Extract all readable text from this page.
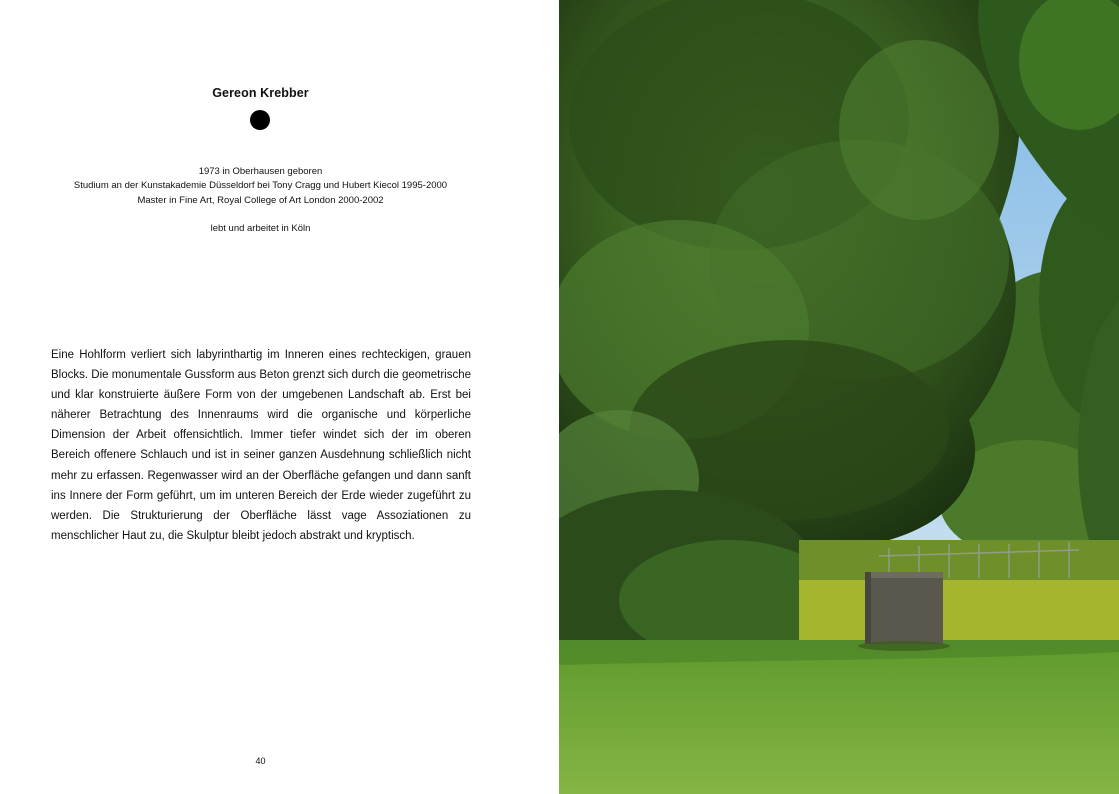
Gereon Krebber
1973 in Oberhausen geboren
Studium an der Kunstakademie Düsseldorf bei Tony Cragg und Hubert Kiecol 1995-2000
Master in Fine Art, Royal College of Art London 2000-2002
lebt und arbeitet in Köln

Eine Hohlform verliert sich labyrinthartig im Inneren eines rechteckigen, grauen Blocks. Die monumentale Gussform aus Beton grenzt sich durch die geometrische und klar konstruierte äußere Form von der umgebenen Landschaft ab. Erst bei näherer Betrachtung des Innenraums wird die organische und körperliche Dimension der Arbeit offensichtlich. Immer tiefer windet sich der im oberen Bereich offenere Schlauch und ist in seiner ganzen Ausdehnung schließlich nicht mehr zu erfassen. Regenwasser wird an der Oberfläche gefangen und dann sanft ins Innere der Form geführt, um im unteren Bereich der Erde wieder zugeführt zu werden. Die Strukturierung der Oberfläche lässt vage Assoziationen zu menschlicher Haut zu, die Skulptur bleibt jedoch abstrakt und kryptisch.

40
